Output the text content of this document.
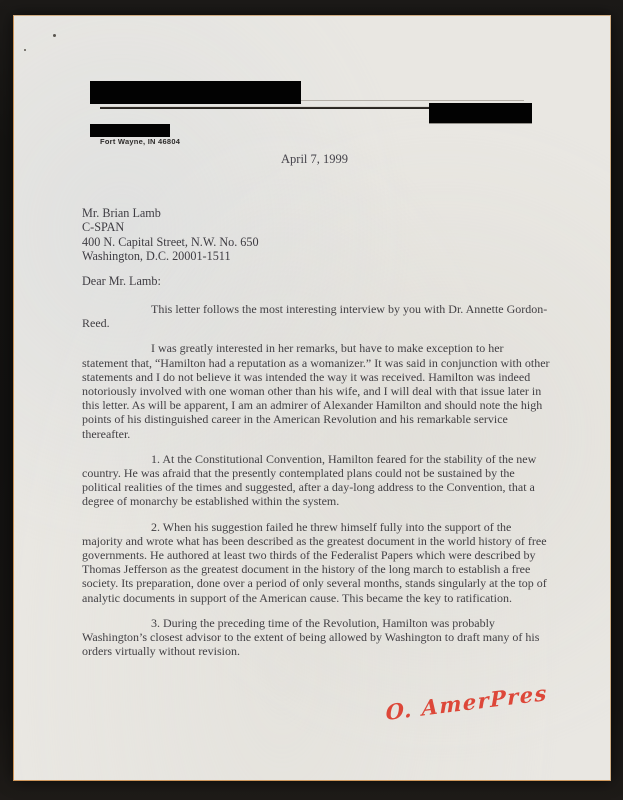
Fort Wayne, IN 46804
April 7, 1999
Mr. Brian Lamb
C-SPAN
400 N. Capital Street, N.W. No. 650
Washington, D.C. 20001-1511
Dear Mr. Lamb:

This letter follows the most interesting interview by you with Dr. Annette Gordon-Reed.

I was greatly interested in her remarks, but have to make exception to her statement that, “Hamilton had a reputation as a womanizer.” It was said in conjunction with other statements and I do not believe it was intended the way it was received. Hamilton was indeed notoriously involved with one woman other than his wife, and I will deal with that issue later in this letter. As will be apparent, I am an admirer of Alexander Hamilton and should note the high points of his distinguished career in the American Revolution and his remarkable service thereafter.

1. At the Constitutional Convention, Hamilton feared for the stability of the new country. He was afraid that the presently contemplated plans could not be sustained by the political realities of the times and suggested, after a day-long address to the Convention, that a degree of monarchy be established within the system.

2. When his suggestion failed he threw himself fully into the support of the majority and wrote what has been described as the greatest document in the world history of free governments. He authored at least two thirds of the Federalist Papers which were described by Thomas Jefferson as the greatest document in the history of the long march to establish a free society. Its preparation, done over a period of only several months, stands singularly at the top of analytic documents in support of the American cause. This became the key to ratification.

3. During the preceding time of the Revolution, Hamilton was probably Washington’s closest advisor to the extent of being allowed by Washington to draft many of his orders virtually without revision.

O. AmerPres
